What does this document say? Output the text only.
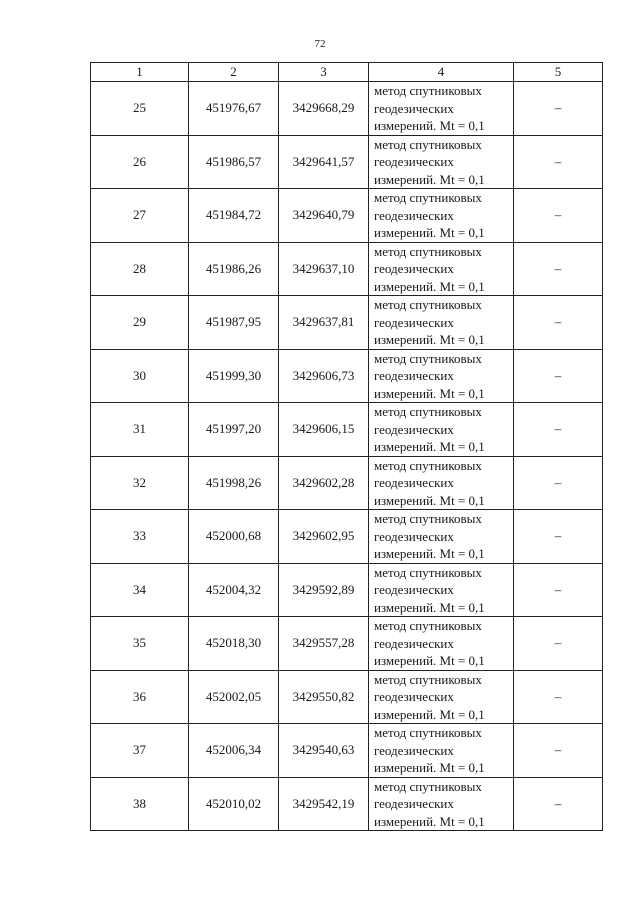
72
1	2	3	4	5
25	451976,67	3429668,29	метод спутниковых
геодезических
измерений. Mt = 0,1	–
26	451986,57	3429641,57	метод спутниковых
геодезических
измерений. Mt = 0,1	–
27	451984,72	3429640,79	метод спутниковых
геодезических
измерений. Mt = 0,1	–
28	451986,26	3429637,10	метод спутниковых
геодезических
измерений. Mt = 0,1	–
29	451987,95	3429637,81	метод спутниковых
геодезических
измерений. Mt = 0,1	–
30	451999,30	3429606,73	метод спутниковых
геодезических
измерений. Mt = 0,1	–
31	451997,20	3429606,15	метод спутниковых
геодезических
измерений. Mt = 0,1	–
32	451998,26	3429602,28	метод спутниковых
геодезических
измерений. Mt = 0,1	–
33	452000,68	3429602,95	метод спутниковых
геодезических
измерений. Mt = 0,1	–
34	452004,32	3429592,89	метод спутниковых
геодезических
измерений. Mt = 0,1	–
35	452018,30	3429557,28	метод спутниковых
геодезических
измерений. Mt = 0,1	–
36	452002,05	3429550,82	метод спутниковых
геодезических
измерений. Mt = 0,1	–
37	452006,34	3429540,63	метод спутниковых
геодезических
измерений. Mt = 0,1	–
38	452010,02	3429542,19	метод спутниковых
геодезических
измерений. Mt = 0,1	–
